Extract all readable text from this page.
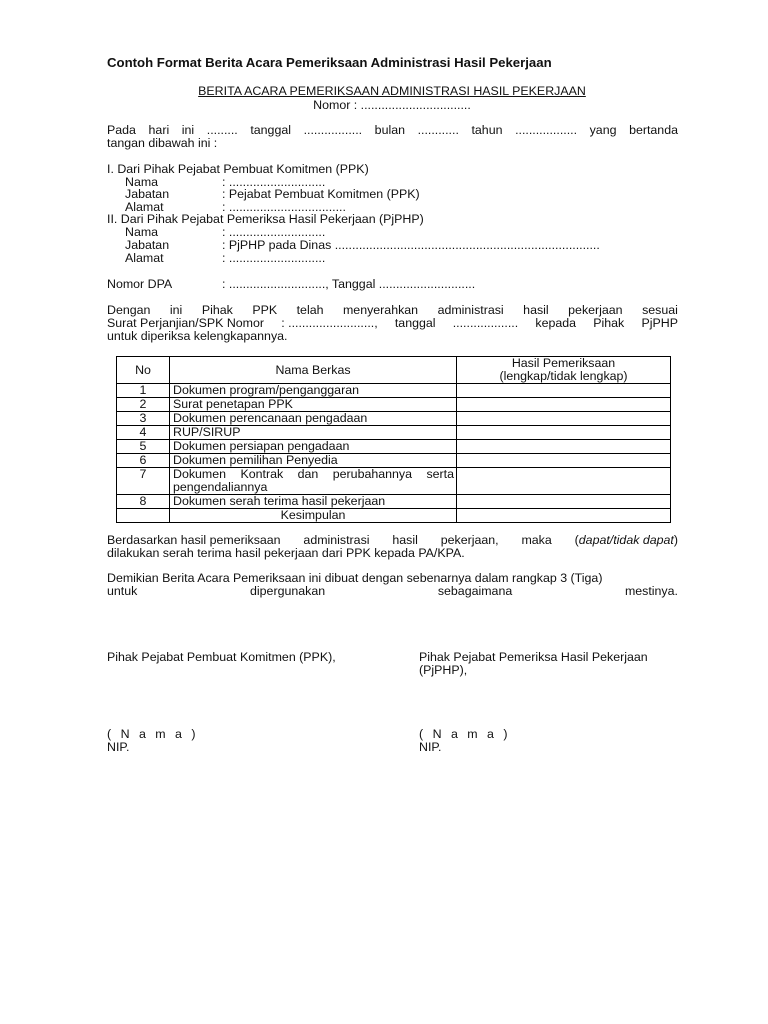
Contoh Format Berita Acara Pemeriksaan Administrasi Hasil Pekerjaan
BERITA ACARA PEMERIKSAAN ADMINISTRASI HASIL PEKERJAAN
Nomor : ................................
Pada hari ini ......... tanggal ................. bulan ............ tahun .................. yang bertanda
tangan dibawah ini :
I. Dari Pihak Pejabat Pembuat Komitmen (PPK)
Nama	: ............................
Jabatan	: Pejabat Pembuat Komitmen (PPK)
Alamat	: ..................................
II. Dari Pihak Pejabat Pemeriksa Hasil Pekerjaan (PjPHP)
Nama	: ............................
Jabatan	: PjPHP pada Dinas .............................................................................
Alamat	: ............................
Nomor DPA	: ............................, Tanggal ............................
Dengan ini Pihak PPK telah menyerahkan administrasi hasil pekerjaan sesuai
Surat Perjanjian/SPK Nomor : ........................., tanggal ................... kepada Pihak PjPHP
untuk diperiksa kelengkapannya.
No	Nama Berkas	Hasil Pemeriksaan
(lengkap/tidak lengkap)

1	Dokumen program/penganggaran	
2	Surat penetapan PPK	
3	Dokumen perencanaan pengadaan	
4	RUP/SIRUP	
5	Dokumen persiapan pengadaan	
6	Dokumen pemilihan Penyedia	
7	Dokumen Kontrak dan perubahannya serta pengendaliannya	
8	Dokumen serah terima hasil pekerjaan	
	Kesimpulan	
Berdasarkan hasil pemeriksaan administrasi hasil pekerjaan, maka (dapat/tidak dapat)
dilakukan serah terima hasil pekerjaan dari PPK kepada PA/KPA.
Demikian Berita Acara Pemeriksaan ini dibuat dengan sebenarnya dalam rangkap 3 (Tiga)
untuk	dipergunakan	sebagaimana	mestinya.
Pihak Pejabat Pembuat Komitmen (PPK),	Pihak Pejabat Pemeriksa Hasil Pekerjaan
(PjPHP),
( N a m a )
NIP.
( N a m a )
NIP.
